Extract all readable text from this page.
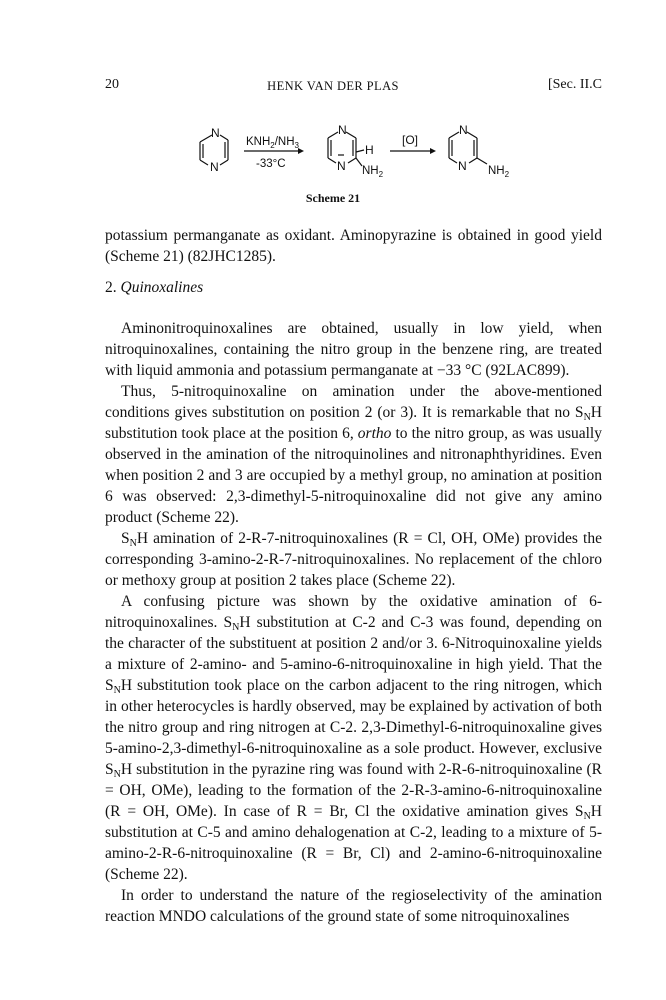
20	HENK VAN DER PLAS	[Sec. II.C
N
N
$KNH_2/NH_3$
-33°C
N
N
H
$NH_2$
[O]
N
N $NH_2$
Scheme 21

potassium permanganate as oxidant. Aminopyrazine is obtained in good yield (Scheme 21) (82JHC1285).

2. Quinoxalines

Aminonitroquinoxalines are obtained, usually in low yield, when nitroquinoxalines, containing the nitro group in the benzene ring, are treated with liquid ammonia and potassium permanganate at −33 °C (92LAC899).

Thus, 5-nitroquinoxaline on amination under the above-mentioned conditions gives substitution on position 2 (or 3). It is remarkable that no $S_NH$ substitution took place at the position 6, ortho to the nitro group, as was usually observed in the amination of the nitroquinolines and nitronaphthyridines. Even when position 2 and 3 are occupied by a methyl group, no amination at position 6 was observed: 2,3-dimethyl-5-nitroquinoxaline did not give any amino product (Scheme 22).

$S_NH$ amination of 2-R-7-nitroquinoxalines (R = Cl, OH, OMe) provides the corresponding 3-amino-2-R-7-nitroquinoxalines. No replacement of the chloro or methoxy group at position 2 takes place (Scheme 22).

A confusing picture was shown by the oxidative amination of 6-nitroquinoxalines. $S_NH$ substitution at C-2 and C-3 was found, depending on the character of the substituent at position 2 and/or 3. 6-Nitroquinoxaline yields a mixture of 2-amino- and 5-amino-6-nitroquinoxaline in high yield. That the $S_NH$ substitution took place on the carbon adjacent to the ring nitrogen, which in other heterocycles is hardly observed, may be explained by activation of both the nitro group and ring nitrogen at C-2. 2,3-Dimethyl-6-nitroquinoxaline gives 5-amino-2,3-dimethyl-6-nitroquinoxaline as a sole product. However, exclusive $S_NH$ substitution in the pyrazine ring was found with 2-R-6-nitroquinoxaline (R = OH, OMe), leading to the formation of the 2-R-3-amino-6-nitroquinoxaline (R = OH, OMe). In case of R = Br, Cl the oxidative amination gives $S_NH$ substitution at C-5 and amino dehalogenation at C-2, leading to a mixture of 5-amino-2-R-6-nitroquinoxaline (R = Br, Cl) and 2-amino-6-nitroquinoxaline (Scheme 22).

In order to understand the nature of the regioselectivity of the amination reaction MNDO calculations of the ground state of some nitroquinoxalines
